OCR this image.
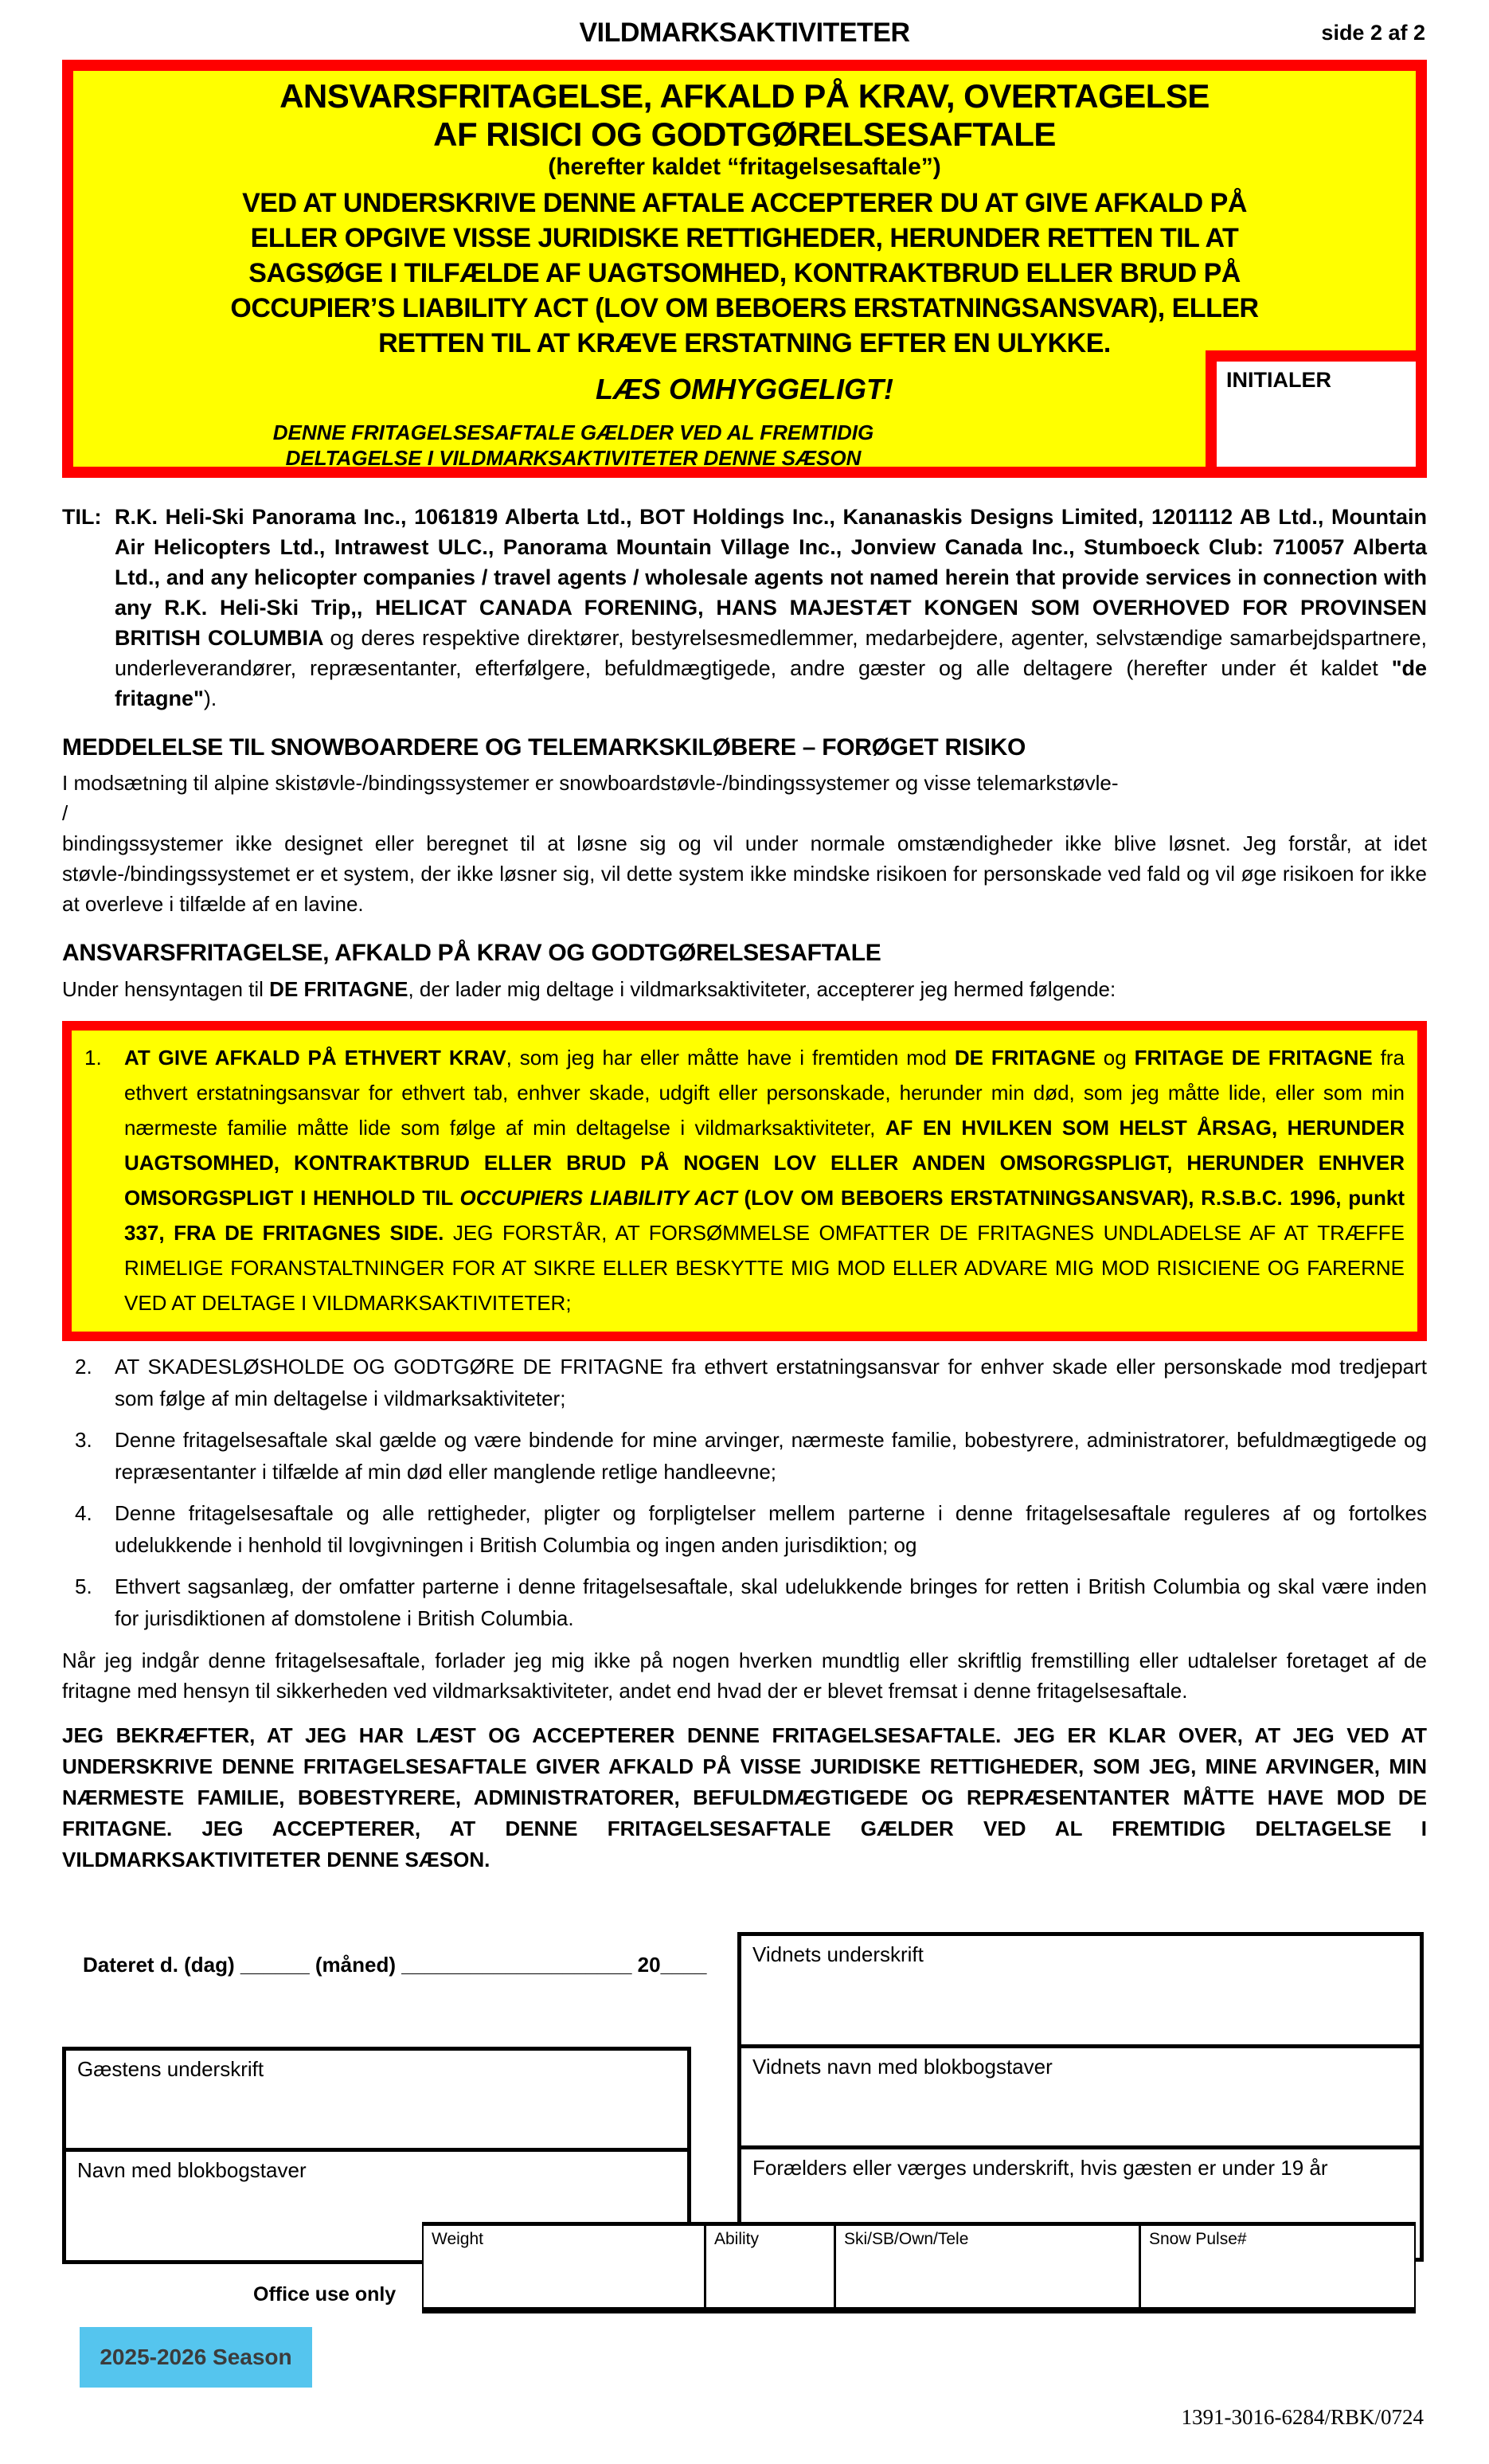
VILDMARKSAKTIVITETER	side 2 af 2
ANSVARSFRITAGELSE, AFKALD PÅ KRAV, OVERTAGELSE
AF RISICI OG GODTGØRELSESAFTALE
(herefter kaldet “fritagelsesaftale”)
VED AT UNDERSKRIVE DENNE AFTALE ACCEPTERER DU AT GIVE AFKALD PÅ
ELLER OPGIVE VISSE JURIDISKE RETTIGHEDER, HERUNDER RETTEN TIL AT
SAGSØGE I TILFÆLDE AF UAGTSOMHED, KONTRAKTBRUD ELLER BRUD PÅ
OCCUPIER’S LIABILITY ACT (LOV OM BEBOERS ERSTATNINGSANSVAR), ELLER
RETTEN TIL AT KRÆVE ERSTATNING EFTER EN ULYKKE.
LÆS OMHYGGELIGT!
DENNE FRITAGELSESAFTALE GÆLDER VED AL FREMTIDIG
DELTAGELSE I VILDMARKSAKTIVITETER DENNE SÆSON
INITIALER
TIL: R.K. Heli-Ski Panorama Inc., 1061819 Alberta Ltd., BOT Holdings Inc., Kananaskis Designs Limited, 1201112 AB Ltd., Mountain Air Helicopters Ltd., Intrawest ULC., Panorama Mountain Village Inc., Jonview Canada Inc., Stumboeck Club: 710057 Alberta Ltd., and any helicopter companies / travel agents / wholesale agents not named herein that provide services in connection with any R.K. Heli-Ski Trip,, HELICAT CANADA FORENING, HANS MAJESTÆT KONGEN SOM OVERHOVED FOR PROVINSEN BRITISH COLUMBIA og deres respektive direktører, bestyrelsesmedlemmer, medarbejdere, agenter, selvstændige samarbejdspartnere, underleverandører, repræsentanter, efterfølgere, befuldmægtigede, andre gæster og alle deltagere (herefter under ét kaldet "de fritagne").
MEDDELELSE TIL SNOWBOARDERE OG TELEMARKSKILØBERE – FORØGET RISIKO
I modsætning til alpine skistøvle-/bindingssystemer er snowboardstøvle-/bindingssystemer og visse telemarkstøvle-
/
bindingssystemer ikke designet eller beregnet til at løsne sig og vil under normale omstændigheder ikke blive løsnet. Jeg forstår, at idet støvle-/bindingssystemet er et system, der ikke løsner sig, vil dette system ikke mindske risikoen for personskade ved fald og vil øge risikoen for ikke at overleve i tilfælde af en lavine.
ANSVARSFRITAGELSE, AFKALD PÅ KRAV OG GODTGØRELSESAFTALE
Under hensyntagen til DE FRITAGNE, der lader mig deltage i vildmarksaktiviteter, accepterer jeg hermed følgende:
1.	AT GIVE AFKALD PÅ ETHVERT KRAV, som jeg har eller måtte have i fremtiden mod DE FRITAGNE og FRITAGE DE FRITAGNE fra ethvert erstatningsansvar for ethvert tab, enhver skade, udgift eller personskade, herunder min død, som jeg måtte lide, eller som min nærmeste familie måtte lide som følge af min deltagelse i vildmarksaktiviteter, AF EN HVILKEN SOM HELST ÅRSAG, HERUNDER UAGTSOMHED, KONTRAKTBRUD ELLER BRUD PÅ NOGEN LOV ELLER ANDEN OMSORGSPLIGT, HERUNDER ENHVER OMSORGSPLIGT I HENHOLD TIL OCCUPIERS LIABILITY ACT (LOV OM BEBOERS ERSTATNINGSANSVAR), R.S.B.C. 1996, punkt 337, FRA DE FRITAGNES SIDE. JEG FORSTÅR, AT FORSØMMELSE OMFATTER DE FRITAGNES UNDLADELSE AF AT TRÆFFE RIMELIGE FORANSTALTNINGER FOR AT SIKRE ELLER BESKYTTE MIG MOD ELLER ADVARE MIG MOD RISICIENE OG FARERNE VED AT DELTAGE I VILDMARKSAKTIVITETER;
2.	AT SKADESLØSHOLDE OG GODTGØRE DE FRITAGNE fra ethvert erstatningsansvar for enhver skade eller personskade mod tredjepart som følge af min deltagelse i vildmarksaktiviteter;
3.	Denne fritagelsesaftale skal gælde og være bindende for mine arvinger, nærmeste familie, bobestyrere, administratorer, befuldmægtigede og repræsentanter i tilfælde af min død eller manglende retlige handleevne;
4.	Denne fritagelsesaftale og alle rettigheder, pligter og forpligtelser mellem parterne i denne fritagelsesaftale reguleres af og fortolkes udelukkende i henhold til lovgivningen i British Columbia og ingen anden jurisdiktion; og
5.	Ethvert sagsanlæg, der omfatter parterne i denne fritagelsesaftale, skal udelukkende bringes for retten i British Columbia og skal være inden for jurisdiktionen af domstolene i British Columbia.
Når jeg indgår denne fritagelsesaftale, forlader jeg mig ikke på nogen hverken mundtlig eller skriftlig fremstilling eller udtalelser foretaget af de fritagne med hensyn til sikkerheden ved vildmarksaktiviteter, andet end hvad der er blevet fremsat i denne fritagelsesaftale.
JEG BEKRÆFTER, AT JEG HAR LÆST OG ACCEPTERER DENNE FRITAGELSESAFTALE. JEG ER KLAR OVER, AT JEG VED AT UNDERSKRIVE DENNE FRITAGELSESAFTALE GIVER AFKALD PÅ VISSE JURIDISKE RETTIGHEDER, SOM JEG, MINE ARVINGER, MIN NÆRMESTE FAMILIE, BOBESTYRERE, ADMINISTRATORER, BEFULDMÆGTIGEDE OG REPRÆSENTANTER MÅTTE HAVE MOD DE FRITAGNE. JEG ACCEPTERER, AT DENNE FRITAGELSESAFTALE GÆLDER VED AL FREMTIDIG DELTAGELSE I VILDMARKSAKTIVITETER DENNE SÆSON.
Dateret d. (dag) ______ (måned) ____________________ 20____
Gæstens underskrift
Navn med blokbogstaver
Vidnets underskrift
Vidnets navn med blokbogstaver
Forælders eller værges underskrift, hvis gæsten er under 19 år
Office use only
Weight	Ability	Ski/SB/Own/Tele	Snow Pulse#
2025-2026 Season
1391-3016-6284/RBK/0724
